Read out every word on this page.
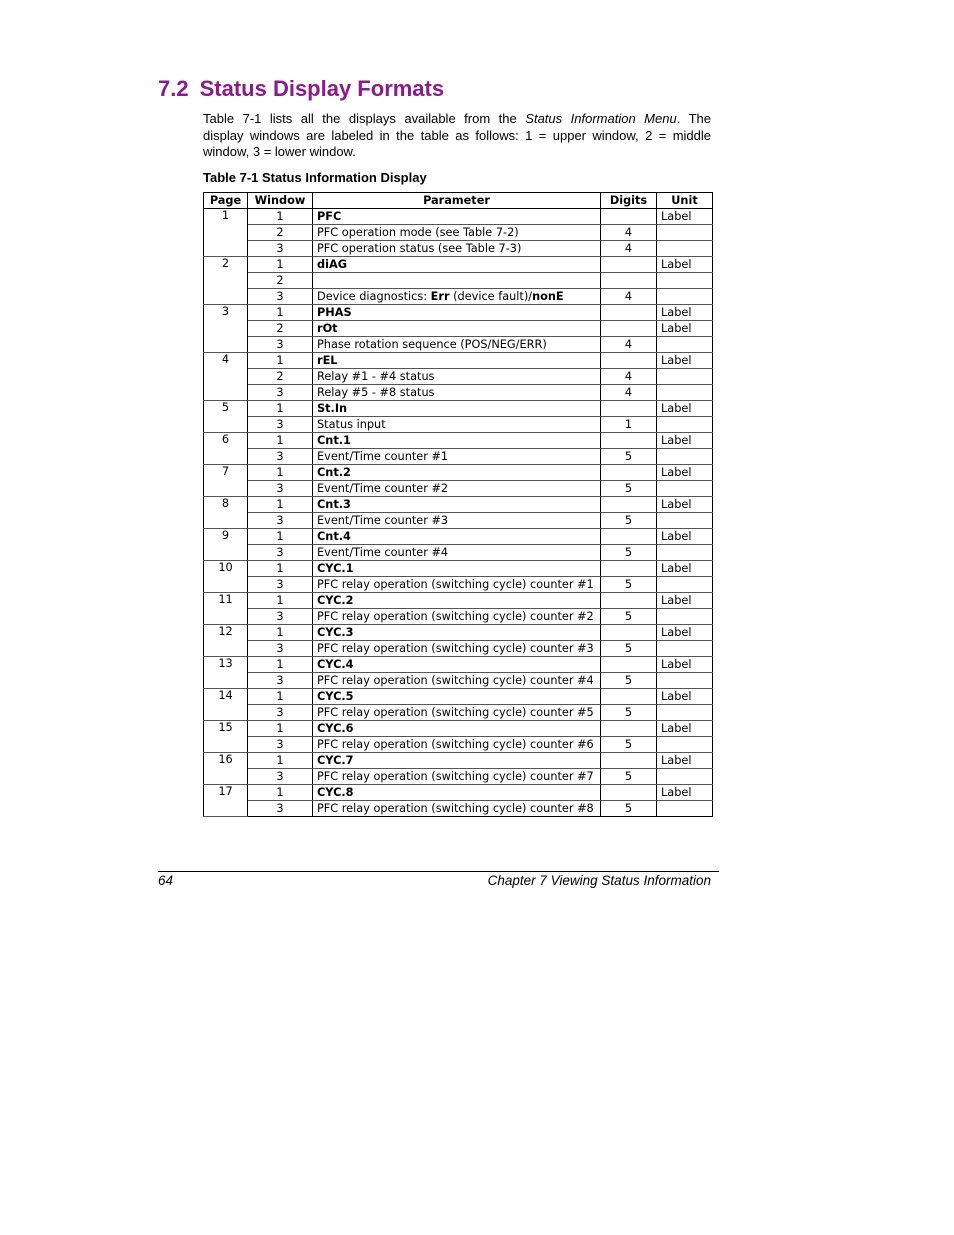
7.2 Status Display Formats

Table 7-1 lists all the displays available from the Status Information Menu. The
display windows are labeled in the table as follows: 1 = upper window, 2 = middle
window, 3 = lower window.

Table 7-1 Status Information Display

Page	Window	Parameter	Digits	Unit
1	1	PFC		Label
	2	PFC operation mode (see Table 7-2)	4	
	3	PFC operation status (see Table 7-3)	4	
2	1	diAG		Label
	2			
	3	Device diagnostics: Err (device fault)/nonE	4	
3	1	PHAS		Label
	2	rOt		Label
	3	Phase rotation sequence (POS/NEG/ERR)	4	
4	1	rEL		Label
	2	Relay #1 - #4 status	4	
	3	Relay #5 - #8 status	4	
5	1	St.In		Label
	3	Status input	1	
6	1	Cnt.1		Label
	3	Event/Time counter #1	5	
7	1	Cnt.2		Label
	3	Event/Time counter #2	5	
8	1	Cnt.3		Label
	3	Event/Time counter #3	5	
9	1	Cnt.4		Label
	3	Event/Time counter #4	5	
10	1	CYC.1		Label
	3	PFC relay operation (switching cycle) counter #1	5	
11	1	CYC.2		Label
	3	PFC relay operation (switching cycle) counter #2	5	
12	1	CYC.3		Label
	3	PFC relay operation (switching cycle) counter #3	5	
13	1	CYC.4		Label
	3	PFC relay operation (switching cycle) counter #4	5	
14	1	CYC.5		Label
	3	PFC relay operation (switching cycle) counter #5	5	
15	1	CYC.6		Label
	3	PFC relay operation (switching cycle) counter #6	5	
16	1	CYC.7		Label
	3	PFC relay operation (switching cycle) counter #7	5	
17	1	CYC.8		Label
	3	PFC relay operation (switching cycle) counter #8	5	
64	Chapter 7 Viewing Status Information
